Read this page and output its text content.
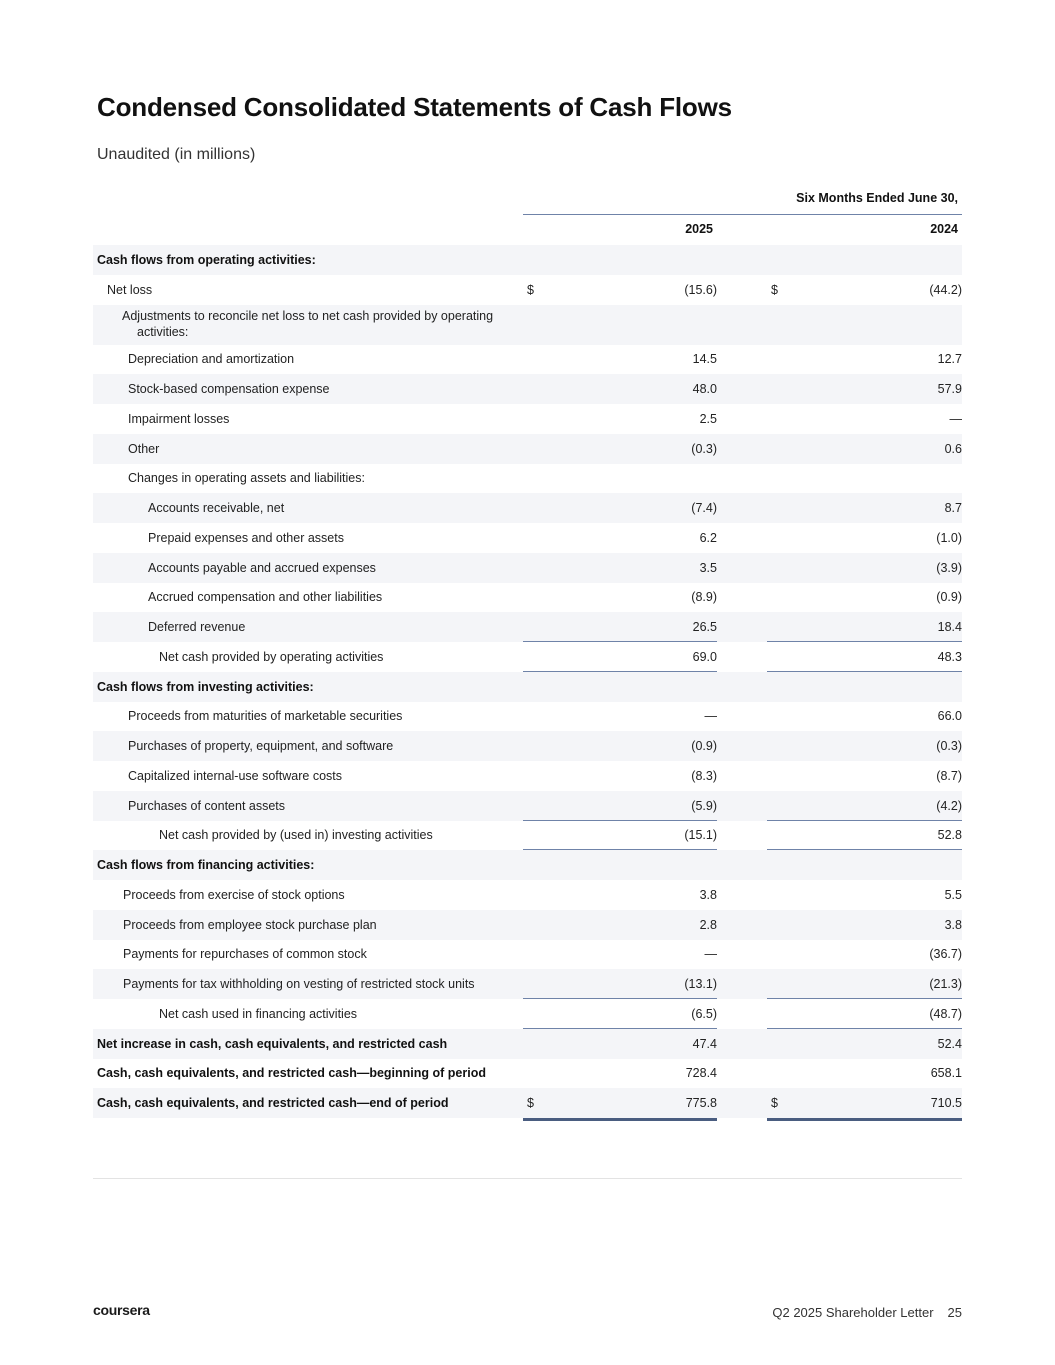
Condensed Consolidated Statements of Cash Flows
Unaudited (in millions)
Six Months Ended June 30,
2025	2024
Cash flows from operating activities:
Net loss	$	(15.6)	$	(44.2)
Adjustments to reconcile net loss to net cash provided by operating activities:
Depreciation and amortization	14.5	12.7
Stock-based compensation expense	48.0	57.9
Impairment losses	2.5	—
Other	(0.3)	0.6
Changes in operating assets and liabilities:
Accounts receivable, net	(7.4)	8.7
Prepaid expenses and other assets	6.2	(1.0)
Accounts payable and accrued expenses	3.5	(3.9)
Accrued compensation and other liabilities	(8.9)	(0.9)
Deferred revenue	26.5	18.4
Net cash provided by operating activities	69.0	48.3
Cash flows from investing activities:
Proceeds from maturities of marketable securities	—	66.0
Purchases of property, equipment, and software	(0.9)	(0.3)
Capitalized internal-use software costs	(8.3)	(8.7)
Purchases of content assets	(5.9)	(4.2)
Net cash provided by (used in) investing activities	(15.1)	52.8
Cash flows from financing activities:
Proceeds from exercise of stock options	3.8	5.5
Proceeds from employee stock purchase plan	2.8	3.8
Payments for repurchases of common stock	—	(36.7)
Payments for tax withholding on vesting of restricted stock units	(13.1)	(21.3)
Net cash used in financing activities	(6.5)	(48.7)
Net increase in cash, cash equivalents, and restricted cash	47.4	52.4
Cash, cash equivalents, and restricted cash—beginning of period	728.4	658.1
Cash, cash equivalents, and restricted cash—end of period	$	775.8	$	710.5
coursera	Q2 2025 Shareholder Letter 25
